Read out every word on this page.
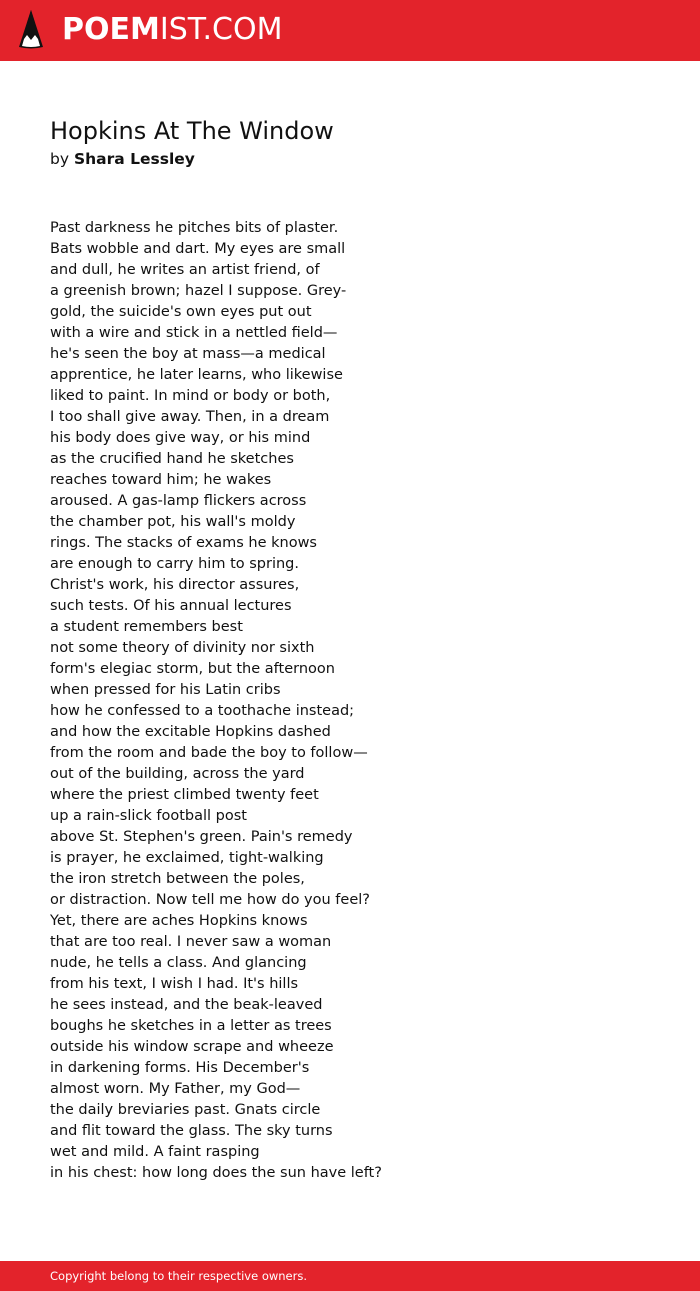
POEMIST.COM
Hopkins At The Window
by Shara Lessley
Past darkness he pitches bits of plaster.
Bats wobble and dart. My eyes are small
and dull, he writes an artist friend, of
a greenish brown; hazel I suppose. Grey-
gold, the suicide's own eyes put out
with a wire and stick in a nettled field—
he's seen the boy at mass—a medical
apprentice, he later learns, who likewise
liked to paint. In mind or body or both,
I too shall give away. Then, in a dream
his body does give way, or his mind
as the crucified hand he sketches
reaches toward him; he wakes
aroused. A gas-lamp flickers across
the chamber pot, his wall's moldy
rings. The stacks of exams he knows
are enough to carry him to spring.
Christ's work, his director assures,
such tests. Of his annual lectures
a student remembers best
not some theory of divinity nor sixth
form's elegiac storm, but the afternoon
when pressed for his Latin cribs
how he confessed to a toothache instead;
and how the excitable Hopkins dashed
from the room and bade the boy to follow—
out of the building, across the yard
where the priest climbed twenty feet
up a rain-slick football post
above St. Stephen's green. Pain's remedy
is prayer, he exclaimed, tight-walking
the iron stretch between the poles,
or distraction. Now tell me how do you feel?
Yet, there are aches Hopkins knows
that are too real. I never saw a woman
nude, he tells a class. And glancing
from his text, I wish I had. It's hills
he sees instead, and the beak-leaved
boughs he sketches in a letter as trees
outside his window scrape and wheeze
in darkening forms. His December's
almost worn. My Father, my God—
the daily breviaries past. Gnats circle
and flit toward the glass. The sky turns
wet and mild. A faint rasping
in his chest: how long does the sun have left?
Copyright belong to their respective owners.
